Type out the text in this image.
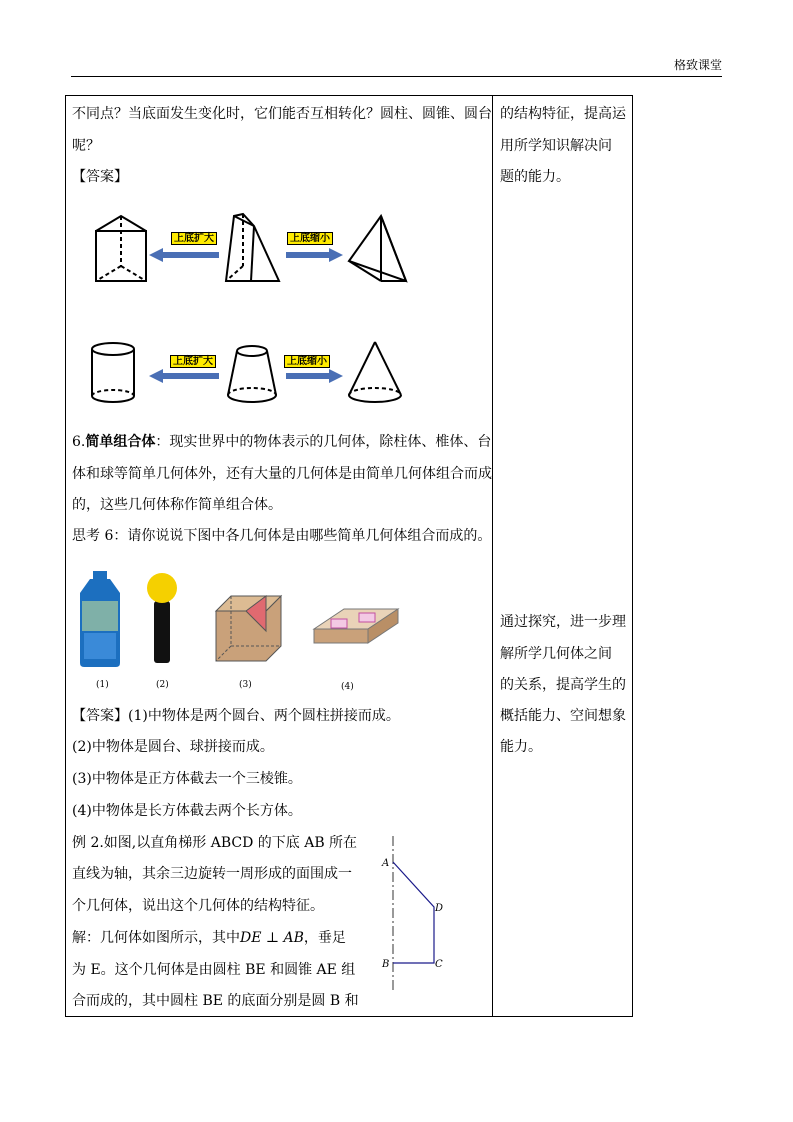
格致课堂
不同点？当底面发生变化时，它们能否互相转化？圆柱、圆锥、圆台
呢？
【答案】
上底扩大	上底缩小
上底扩大	上底缩小
6.简单组合体：现实世界中的物体表示的几何体，除柱体、椎体、台
体和球等简单几何体外，还有大量的几何体是由简单几何体组合而成
的，这些几何体称作简单组合体。
思考 6：请你说说下图中各几何体是由哪些简单几何体组合而成的。
(1)	(2)	(3)	(4)
【答案】(1)中物体是两个圆台、两个圆柱拼接而成。
(2)中物体是圆台、球拼接而成。
(3)中物体是正方体截去一个三棱锥。
(4)中物体是长方体截去两个长方体。
例 2.如图,以直角梯形 ABCD 的下底 AB 所在
直线为轴，其余三边旋转一周形成的面围成一
个几何体，说出这个几何体的结构特征。
解：几何体如图所示，其中DE ⊥ AB，垂足
为 E。这个几何体是由圆柱 BE 和圆锥 AE 组
合而成的，其中圆柱 BE 的底面分别是圆 B 和
A
B	C
D
的结构特征，提高运
用所学知识解决问
题的能力。
通过探究，进一步理
解所学几何体之间
的关系，提高学生的
概括能力、空间想象
能力。
